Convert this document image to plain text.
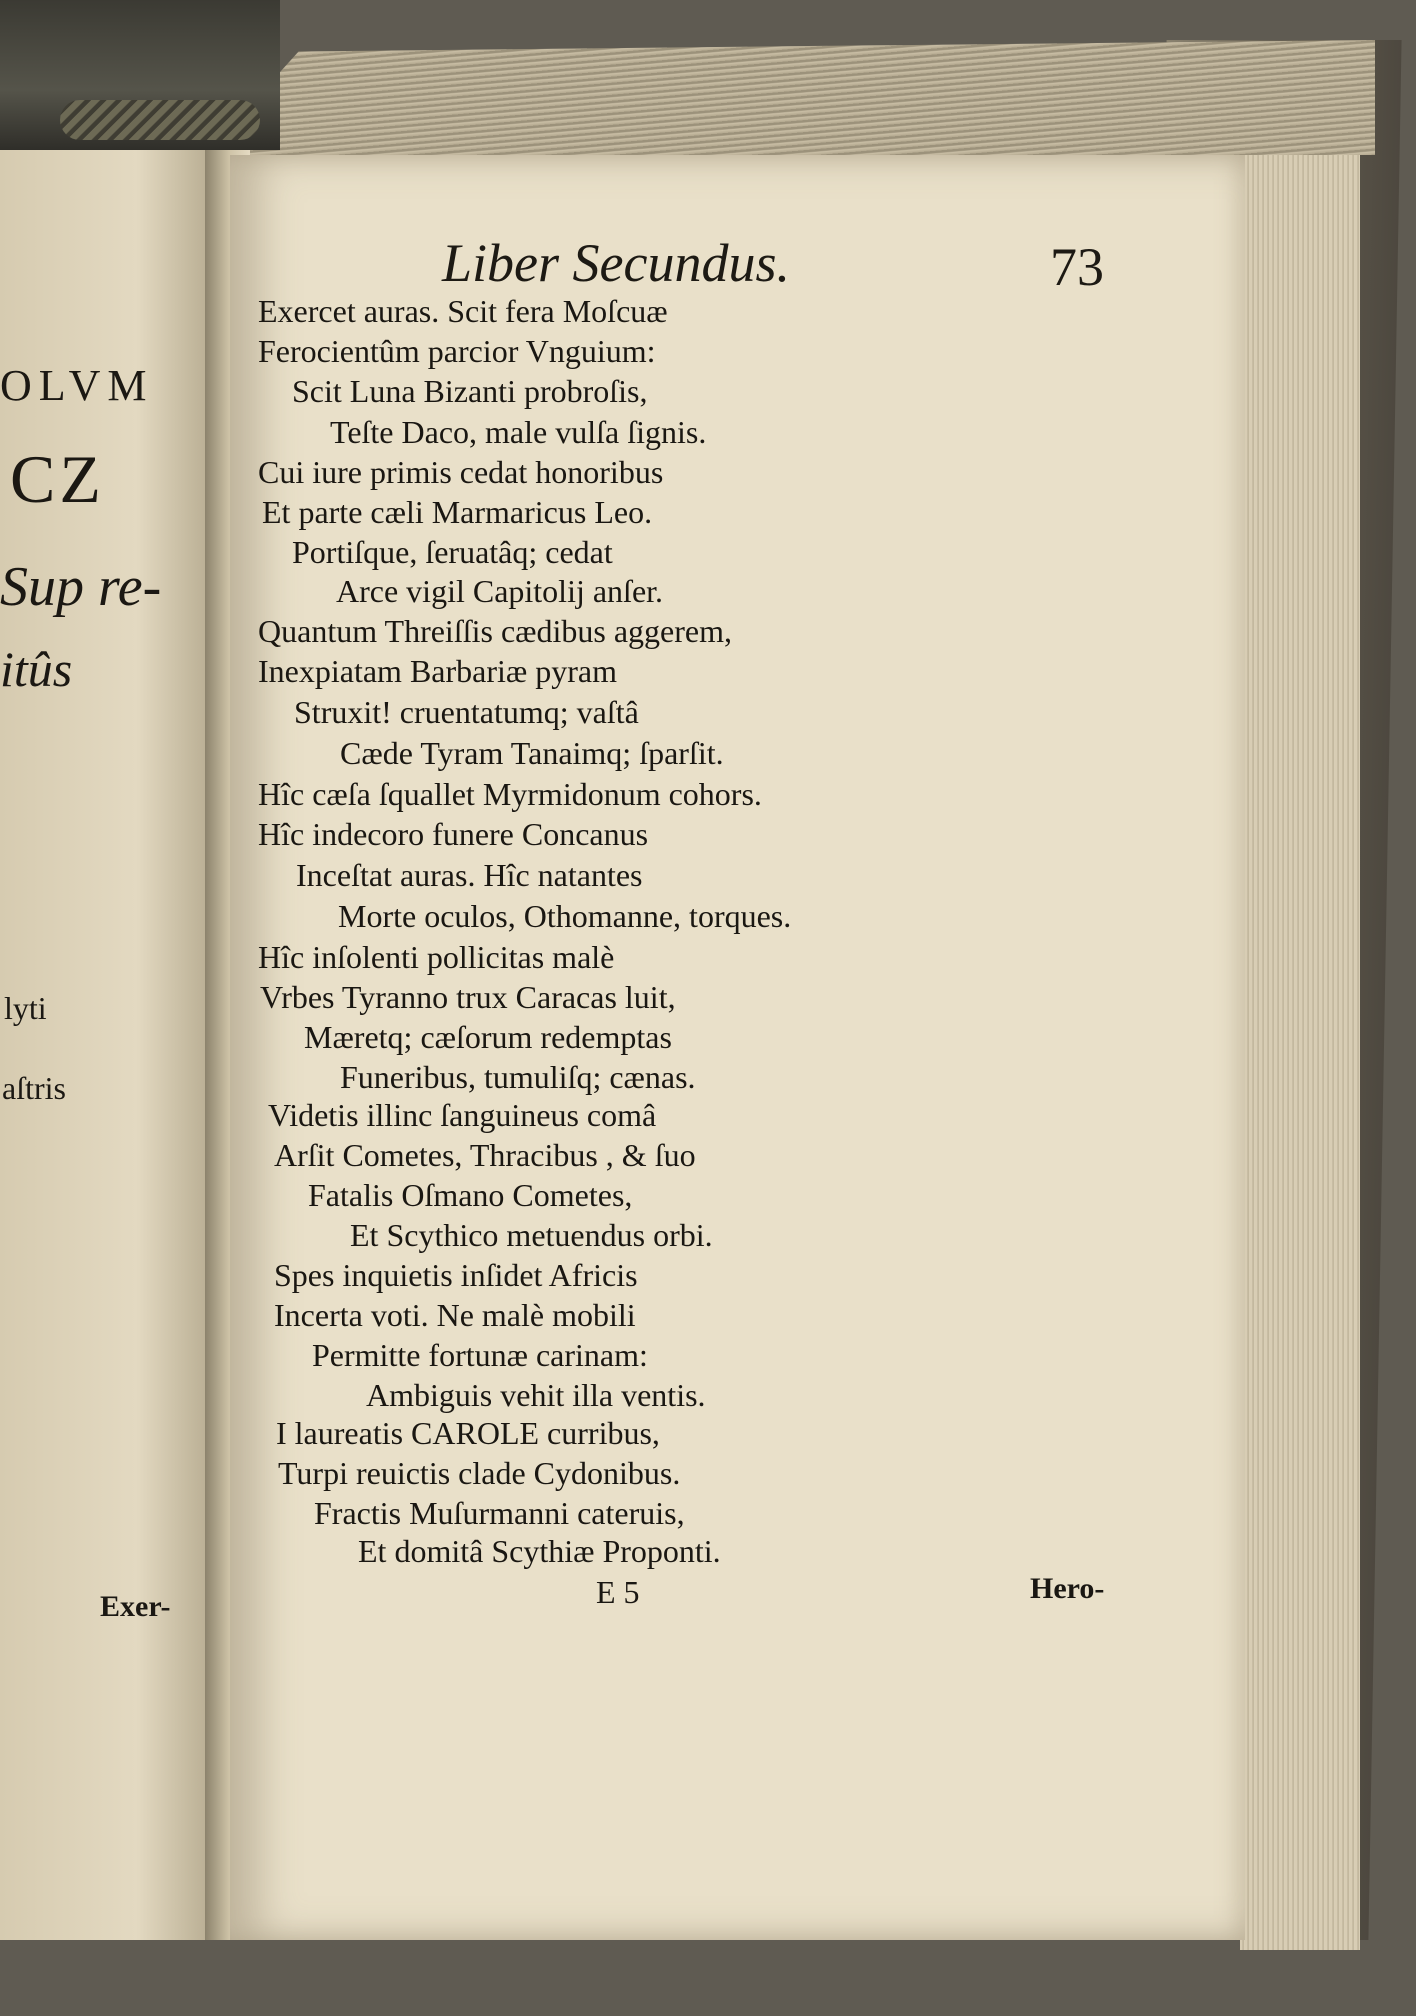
OLVM
CZ
Sup re-
itûs
lyti
aſtris
Exer-
Liber Secundus.	73
Exercet auras. Scit fera Moſcuæ
Ferocientûm parcior Vnguium:
Scit Luna Bizanti probroſis,
Teſte Daco, male vulſa ſignis.
Cui iure primis cedat honoribus
Et parte cæli Marmaricus Leo.
Portiſque, ſeruatâq; cedat
Arce vigil Capitolij anſer.
Quantum Threiſſis cædibus aggerem,
Inexpiatam Barbariæ pyram
Struxit! cruentatumq; vaſtâ
Cæde Tyram Tanaimq; ſparſit.
Hîc cæſa ſquallet Myrmidonum cohors.
Hîc indecoro funere Concanus
Inceſtat auras. Hîc natantes
Morte oculos, Othomanne, torques.
Hîc inſolenti pollicitas malè
Vrbes Tyranno trux Caracas luit,
Mæretq; cæſorum redemptas
Funeribus, tumuliſq; cænas.
Videtis illinc ſanguineus comâ
Arſit Cometes, Thracibus , & ſuo
Fatalis Oſmano Cometes,
Et Scythico metuendus orbi.
Spes inquietis inſidet Africis
Incerta voti. Ne malè mobili
Permitte fortunæ carinam:
Ambiguis vehit illa ventis.
I laureatis CAROLE curribus,
Turpi reuictis clade Cydonibus.
Fractis Muſurmanni cateruis,
Et domitâ Scythiæ Proponti.
E 5	Hero-
